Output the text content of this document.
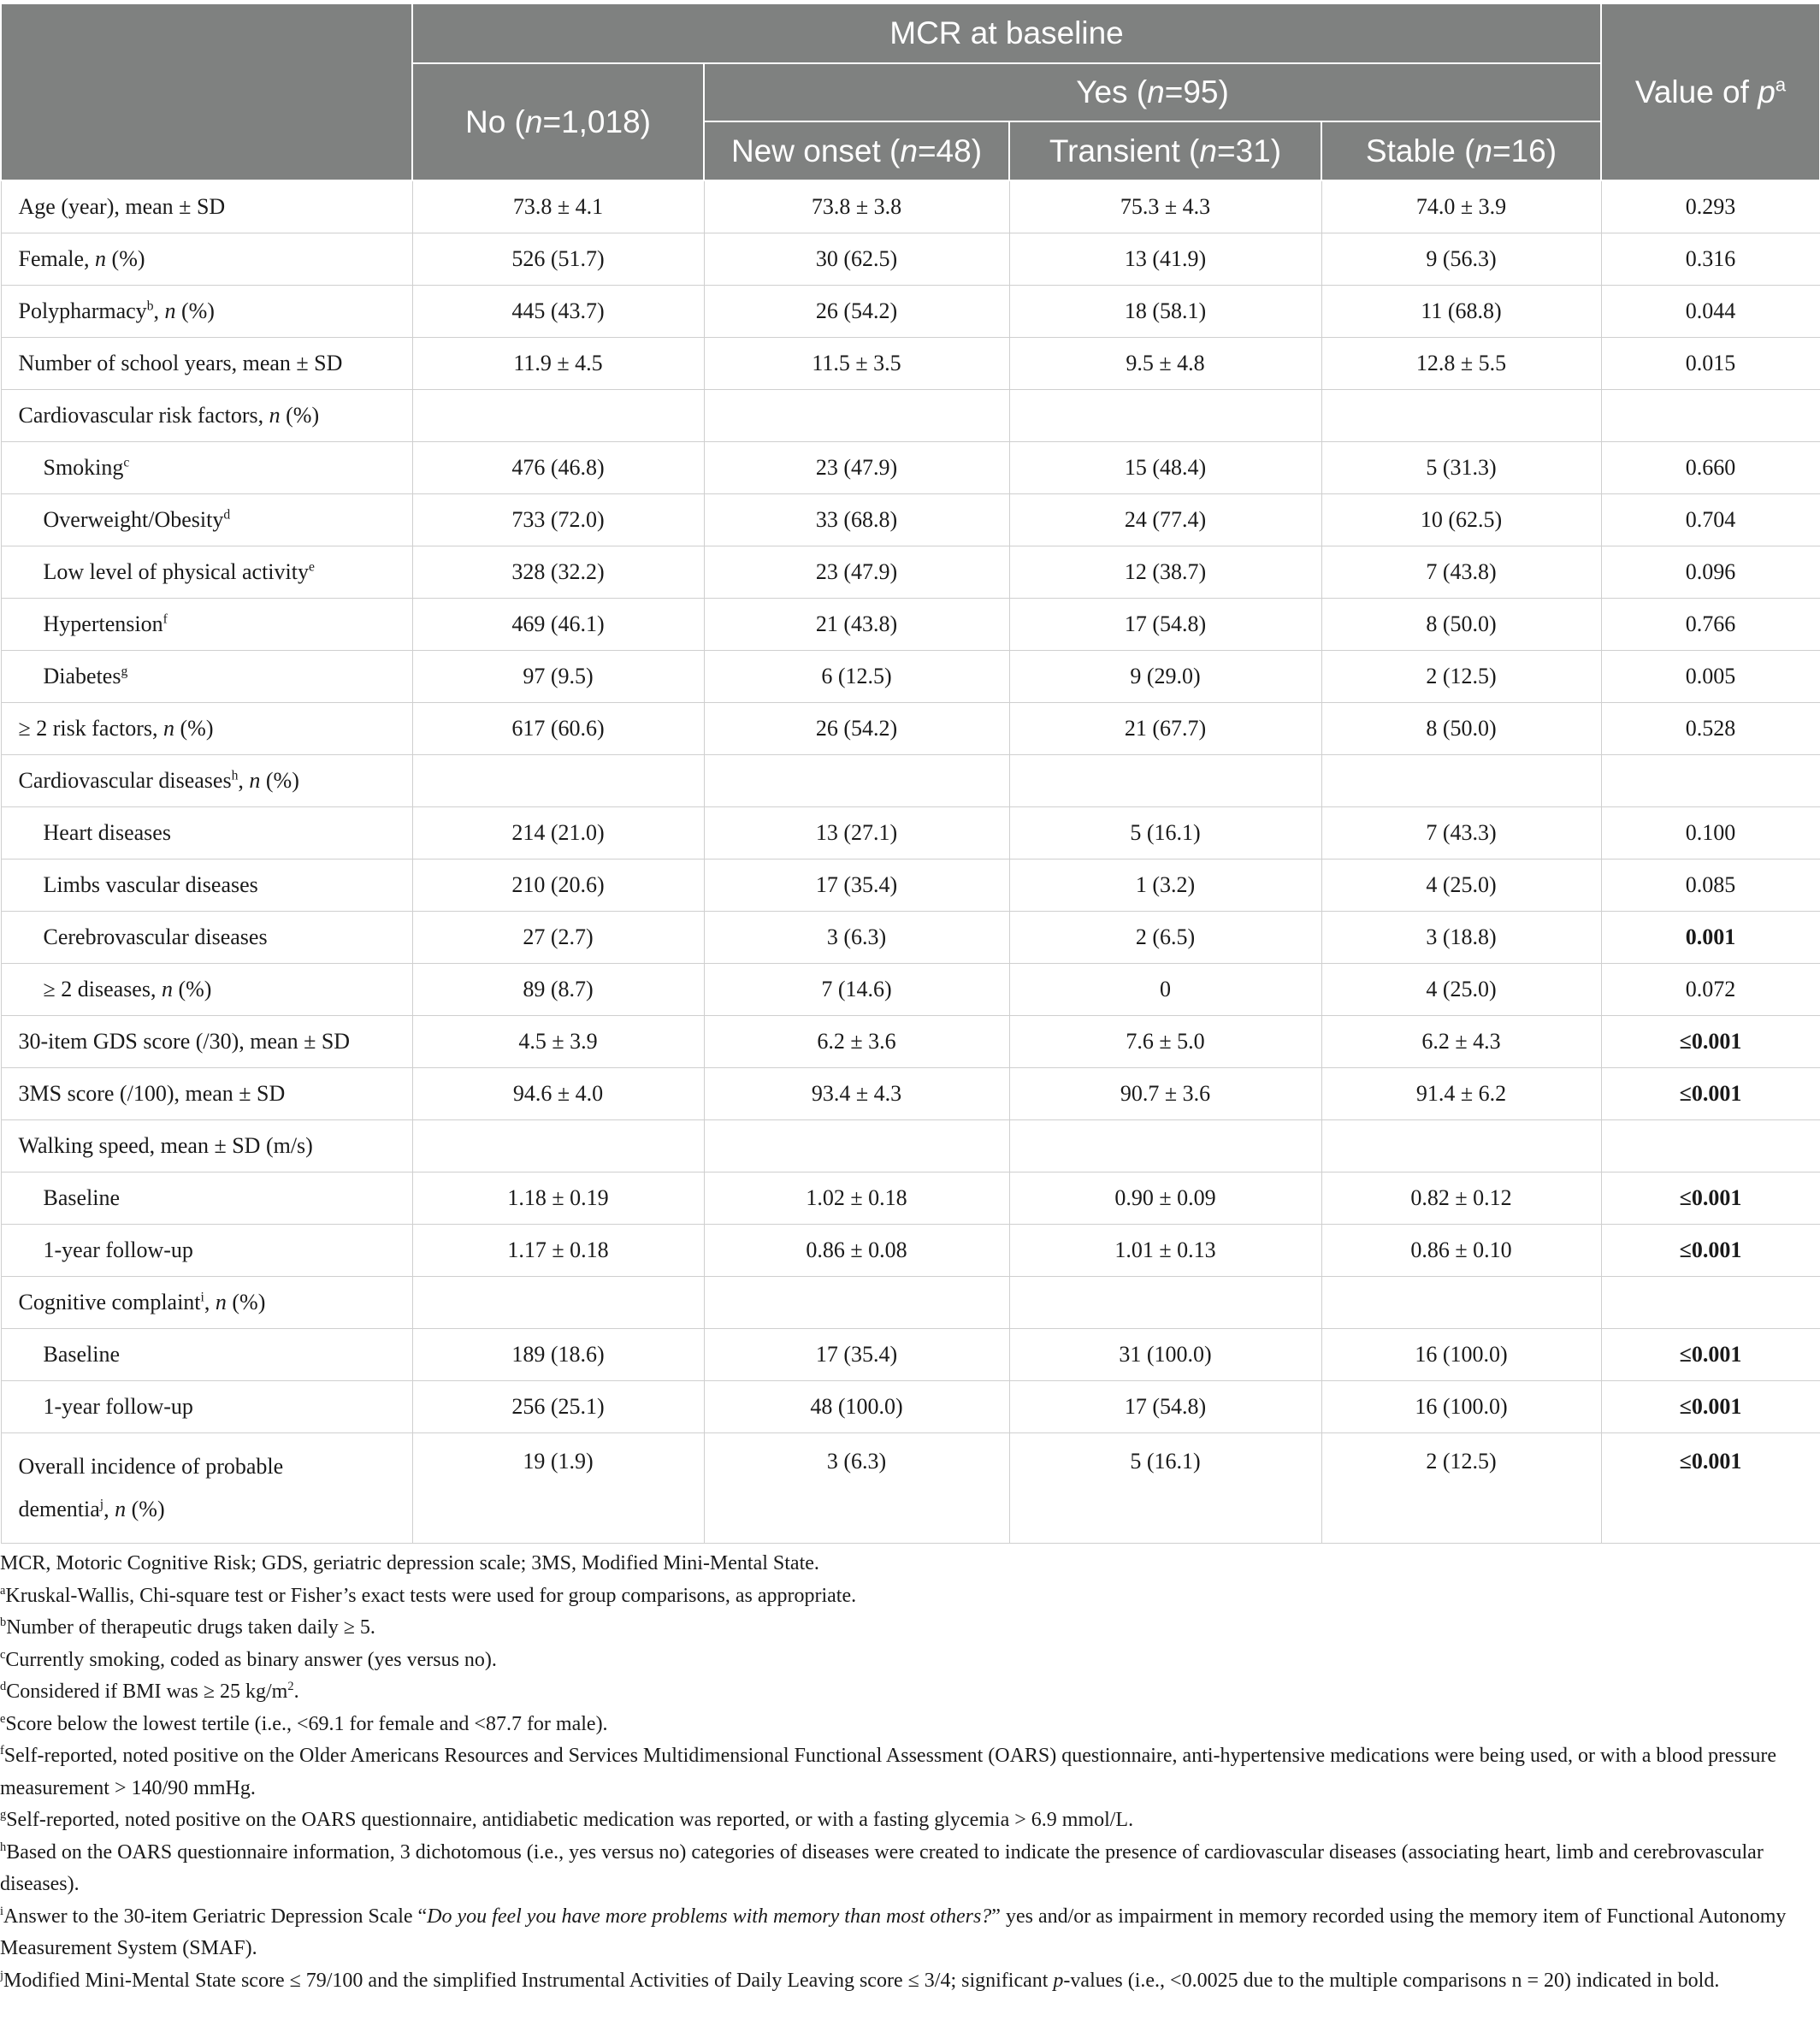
	MCR at baseline				Value of $p^a$
	No (n=1,018)	Yes (n=95)			
		New onset (n=48)	Transient (n=31)	Stable (n=16)	
Age (year), mean ± SD	73.8 ± 4.1	73.8 ± 3.8	75.3 ± 4.3	74.0 ± 3.9	0.293
Female, n (%)	526 (51.7)	30 (62.5)	13 (41.9)	9 (56.3)	0.316
Polypharmacy$^b$, n (%)	445 (43.7)	26 (54.2)	18 (58.1)	11 (68.8)	0.044
Number of school years, mean ± SD	11.9 ± 4.5	11.5 ± 3.5	9.5 ± 4.8	12.8 ± 5.5	0.015
Cardiovascular risk factors, n (%)					
Smoking$^c$	476 (46.8)	23 (47.9)	15 (48.4)	5 (31.3)	0.660
Overweight/Obesity$^d$	733 (72.0)	33 (68.8)	24 (77.4)	10 (62.5)	0.704
Low level of physical activity$^e$	328 (32.2)	23 (47.9)	12 (38.7)	7 (43.8)	0.096
Hypertension$^f$	469 (46.1)	21 (43.8)	17 (54.8)	8 (50.0)	0.766
Diabetes$^g$	97 (9.5)	6 (12.5)	9 (29.0)	2 (12.5)	0.005
≥ 2 risk factors, n (%)	617 (60.6)	26 (54.2)	21 (67.7)	8 (50.0)	0.528
Cardiovascular diseases$^h$, n (%)					
Heart diseases	214 (21.0)	13 (27.1)	5 (16.1)	7 (43.3)	0.100
Limbs vascular diseases	210 (20.6)	17 (35.4)	1 (3.2)	4 (25.0)	0.085
Cerebrovascular diseases	27 (2.7)	3 (6.3)	2 (6.5)	3 (18.8)	0.001
≥ 2 diseases, n (%)	89 (8.7)	7 (14.6)	0	4 (25.0)	0.072
30-item GDS score (/30), mean ± SD	4.5 ± 3.9	6.2 ± 3.6	7.6 ± 5.0	6.2 ± 4.3	≤0.001
3MS score (/100), mean ± SD	94.6 ± 4.0	93.4 ± 4.3	90.7 ± 3.6	91.4 ± 6.2	≤0.001
Walking speed, mean ± SD (m/s)					
Baseline	1.18 ± 0.19	1.02 ± 0.18	0.90 ± 0.09	0.82 ± 0.12	≤0.001
1-year follow-up	1.17 ± 0.18	0.86 ± 0.08	1.01 ± 0.13	0.86 ± 0.10	≤0.001
Cognitive complaint$^i$, n (%)					
Baseline	189 (18.6)	17 (35.4)	31 (100.0)	16 (100.0)	≤0.001
1-year follow-up	256 (25.1)	48 (100.0)	17 (54.8)	16 (100.0)	≤0.001
Overall incidence of probable
dementia$^j$, n (%)	19 (1.9)	3 (6.3)	5 (16.1)	2 (12.5)	≤0.001

MCR, Motoric Cognitive Risk; GDS, geriatric depression scale; 3MS, Modified Mini-Mental State.

$^a$Kruskal-Wallis, Chi-square test or Fisher’s exact tests were used for group comparisons, as appropriate.

$^b$Number of therapeutic drugs taken daily ≥ 5.

$^c$Currently smoking, coded as binary answer (yes versus no).

$^d$Considered if BMI was ≥ 25 $kg/m^2$.

$^e$Score below the lowest tertile (i.e., <69.1 for female and <87.7 for male).

$^f$Self-reported, noted positive on the Older Americans Resources and Services Multidimensional Functional Assessment (OARS) questionnaire, anti-hypertensive medications were being used, or with a blood pressure measurement > 140/90 mmHg.

$^g$Self-reported, noted positive on the OARS questionnaire, antidiabetic medication was reported, or with a fasting glycemia > 6.9 mmol/L.

$^h$Based on the OARS questionnaire information, 3 dichotomous (i.e., yes versus no) categories of diseases were created to indicate the presence of cardiovascular diseases (associating heart, limb and cerebrovascular diseases).

$^i$Answer to the 30-item Geriatric Depression Scale “Do you feel you have more problems with memory than most others?” yes and/or as impairment in memory recorded using the memory item of Functional Autonomy Measurement System (SMAF).

$^j$Modified Mini-Mental State score ≤ 79/100 and the simplified Instrumental Activities of Daily Leaving score ≤ 3/4; significant p-values (i.e., <0.0025 due to the multiple comparisons n = 20) indicated in bold.
